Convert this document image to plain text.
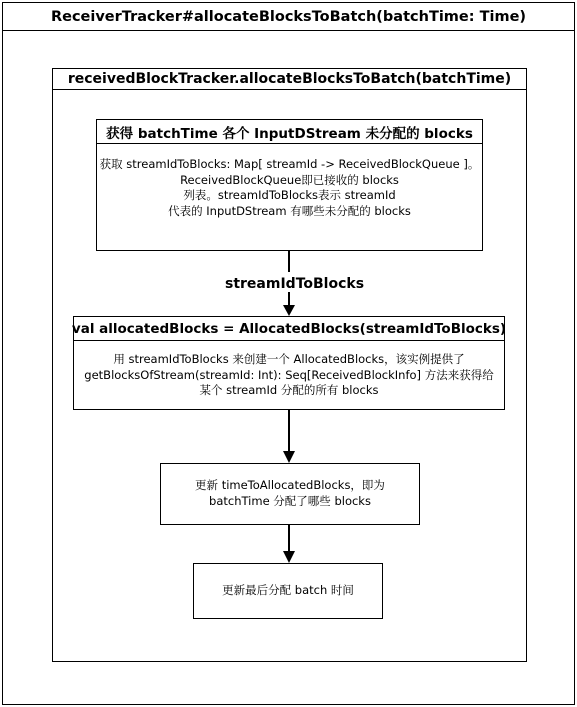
ReceiverTracker#allocateBlocksToBatch(batchTime: Time)
receivedBlockTracker.allocateBlocksToBatch(batchTime)
获得 batchTime 各个 InputDStream 未分配的 blocks
获取 streamIdToBlocks: Map[ streamId -> ReceivedBlockQueue ]。
ReceivedBlockQueue即已接收的 blocks
列表。streamIdToBlocks表示 streamId
代表的 InputDStream 有哪些未分配的 blocks
streamIdToBlocks
val allocatedBlocks = AllocatedBlocks(streamIdToBlocks)
用 streamIdToBlocks 来创建一个 AllocatedBlocks，该实例提供了
getBlocksOfStream(streamId: Int): Seq[ReceivedBlockInfo] 方法来获得给
某个 streamId 分配的所有 blocks
更新 timeToAllocatedBlocks，即为
batchTime 分配了哪些 blocks
更新最后分配 batch 时间
